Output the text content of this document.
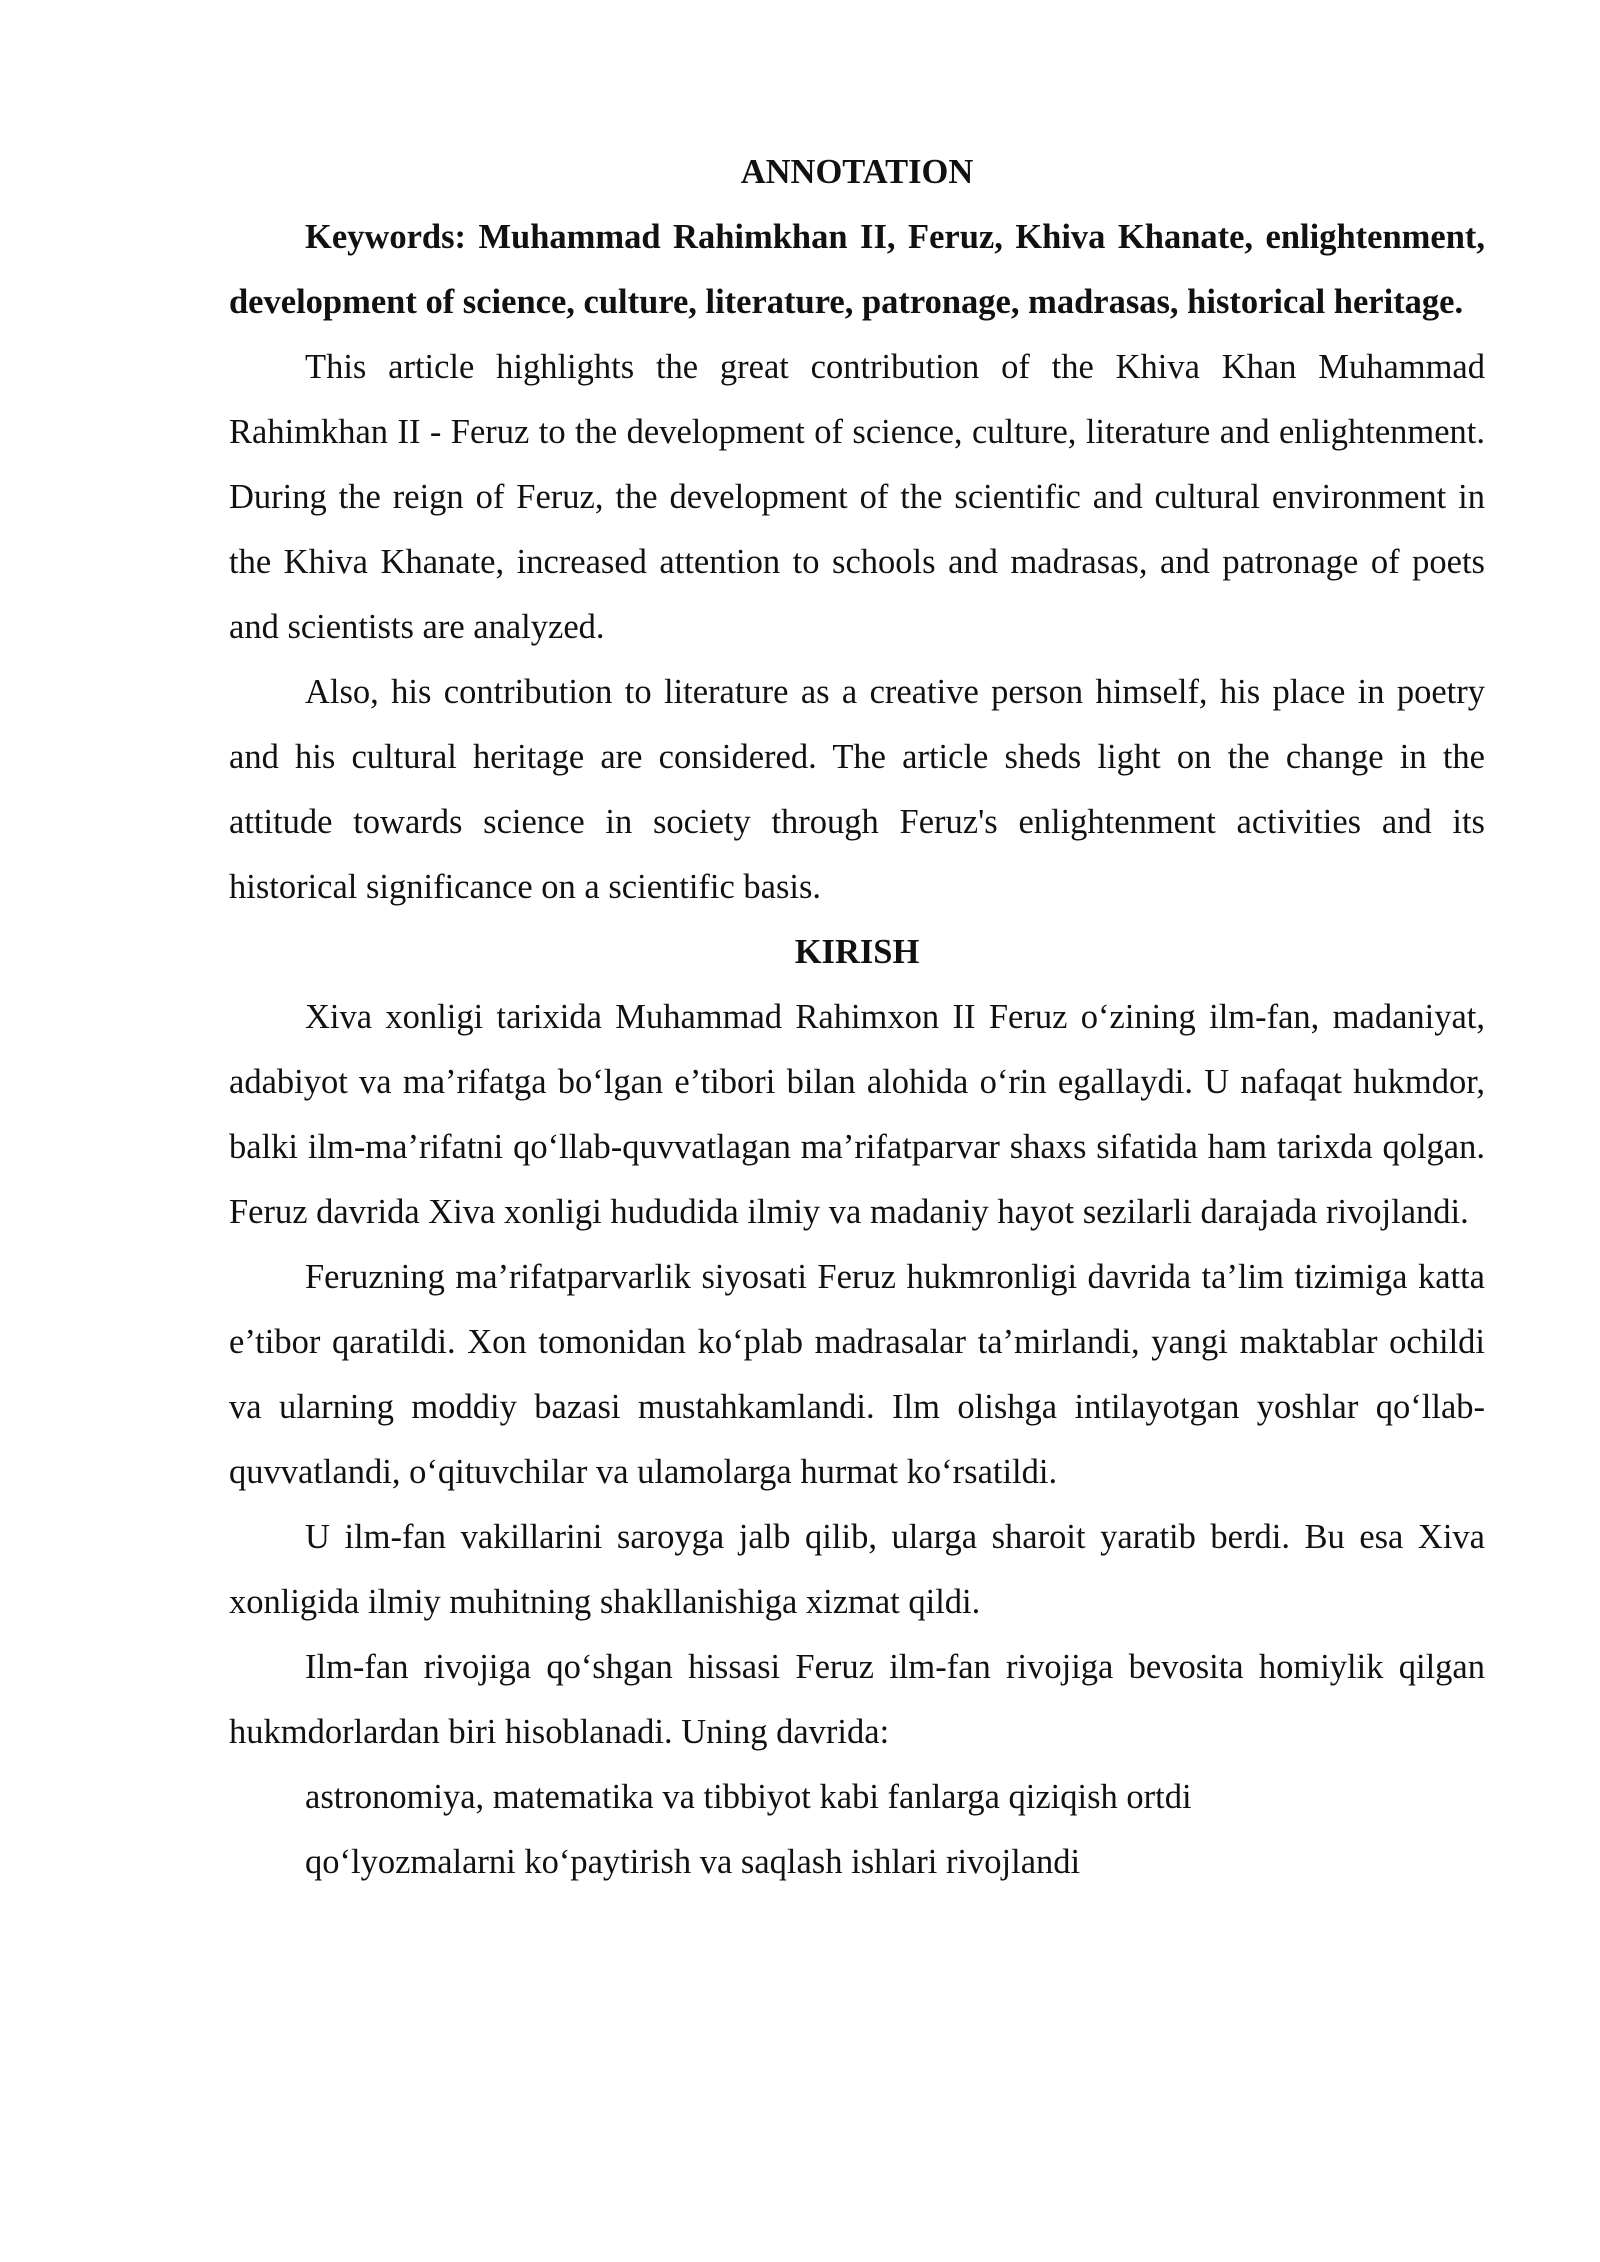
ANNOTATION

Keywords: Muhammad Rahimkhan II, Feruz, Khiva Khanate, enlightenment, development of science, culture, literature, patronage, madrasas, historical heritage.

This article highlights the great contribution of the Khiva Khan Muhammad Rahimkhan II - Feruz to the development of science, culture, literature and enlightenment. During the reign of Feruz, the development of the scientific and cultural environment in the Khiva Khanate, increased attention to schools and madrasas, and patronage of poets and scientists are analyzed.

Also, his contribution to literature as a creative person himself, his place in poetry and his cultural heritage are considered. The article sheds light on the change in the attitude towards science in society through Feruz's enlightenment activities and its historical significance on a scientific basis.

KIRISH

Xiva xonligi tarixida Muhammad Rahimxon II Feruz o‘zining ilm-fan, madaniyat, adabiyot va ma’rifatga bo‘lgan e’tibori bilan alohida o‘rin egallaydi. U nafaqat hukmdor, balki ilm-ma’rifatni qo‘llab-quvvatlagan ma’rifatparvar shaxs sifatida ham tarixda qolgan. Feruz davrida Xiva xonligi hududida ilmiy va madaniy hayot sezilarli darajada rivojlandi.

Feruzning ma’rifatparvarlik siyosati Feruz hukmronligi davrida ta’lim tizimiga katta e’tibor qaratildi. Xon tomonidan ko‘plab madrasalar ta’mirlandi, yangi maktablar ochildi va ularning moddiy bazasi mustahkamlandi. Ilm olishga intilayotgan yoshlar qo‘llab-quvvatlandi, o‘qituvchilar va ulamolarga hurmat ko‘rsatildi.

U ilm-fan vakillarini saroyga jalb qilib, ularga sharoit yaratib berdi. Bu esa Xiva xonligida ilmiy muhitning shakllanishiga xizmat qildi.

Ilm-fan rivojiga qo‘shgan hissasi Feruz ilm-fan rivojiga bevosita homiylik qilgan hukmdorlardan biri hisoblanadi. Uning davrida:

astronomiya, matematika va tibbiyot kabi fanlarga qiziqish ortdi
qo‘lyozmalarni ko‘paytirish va saqlash ishlari rivojlandi
